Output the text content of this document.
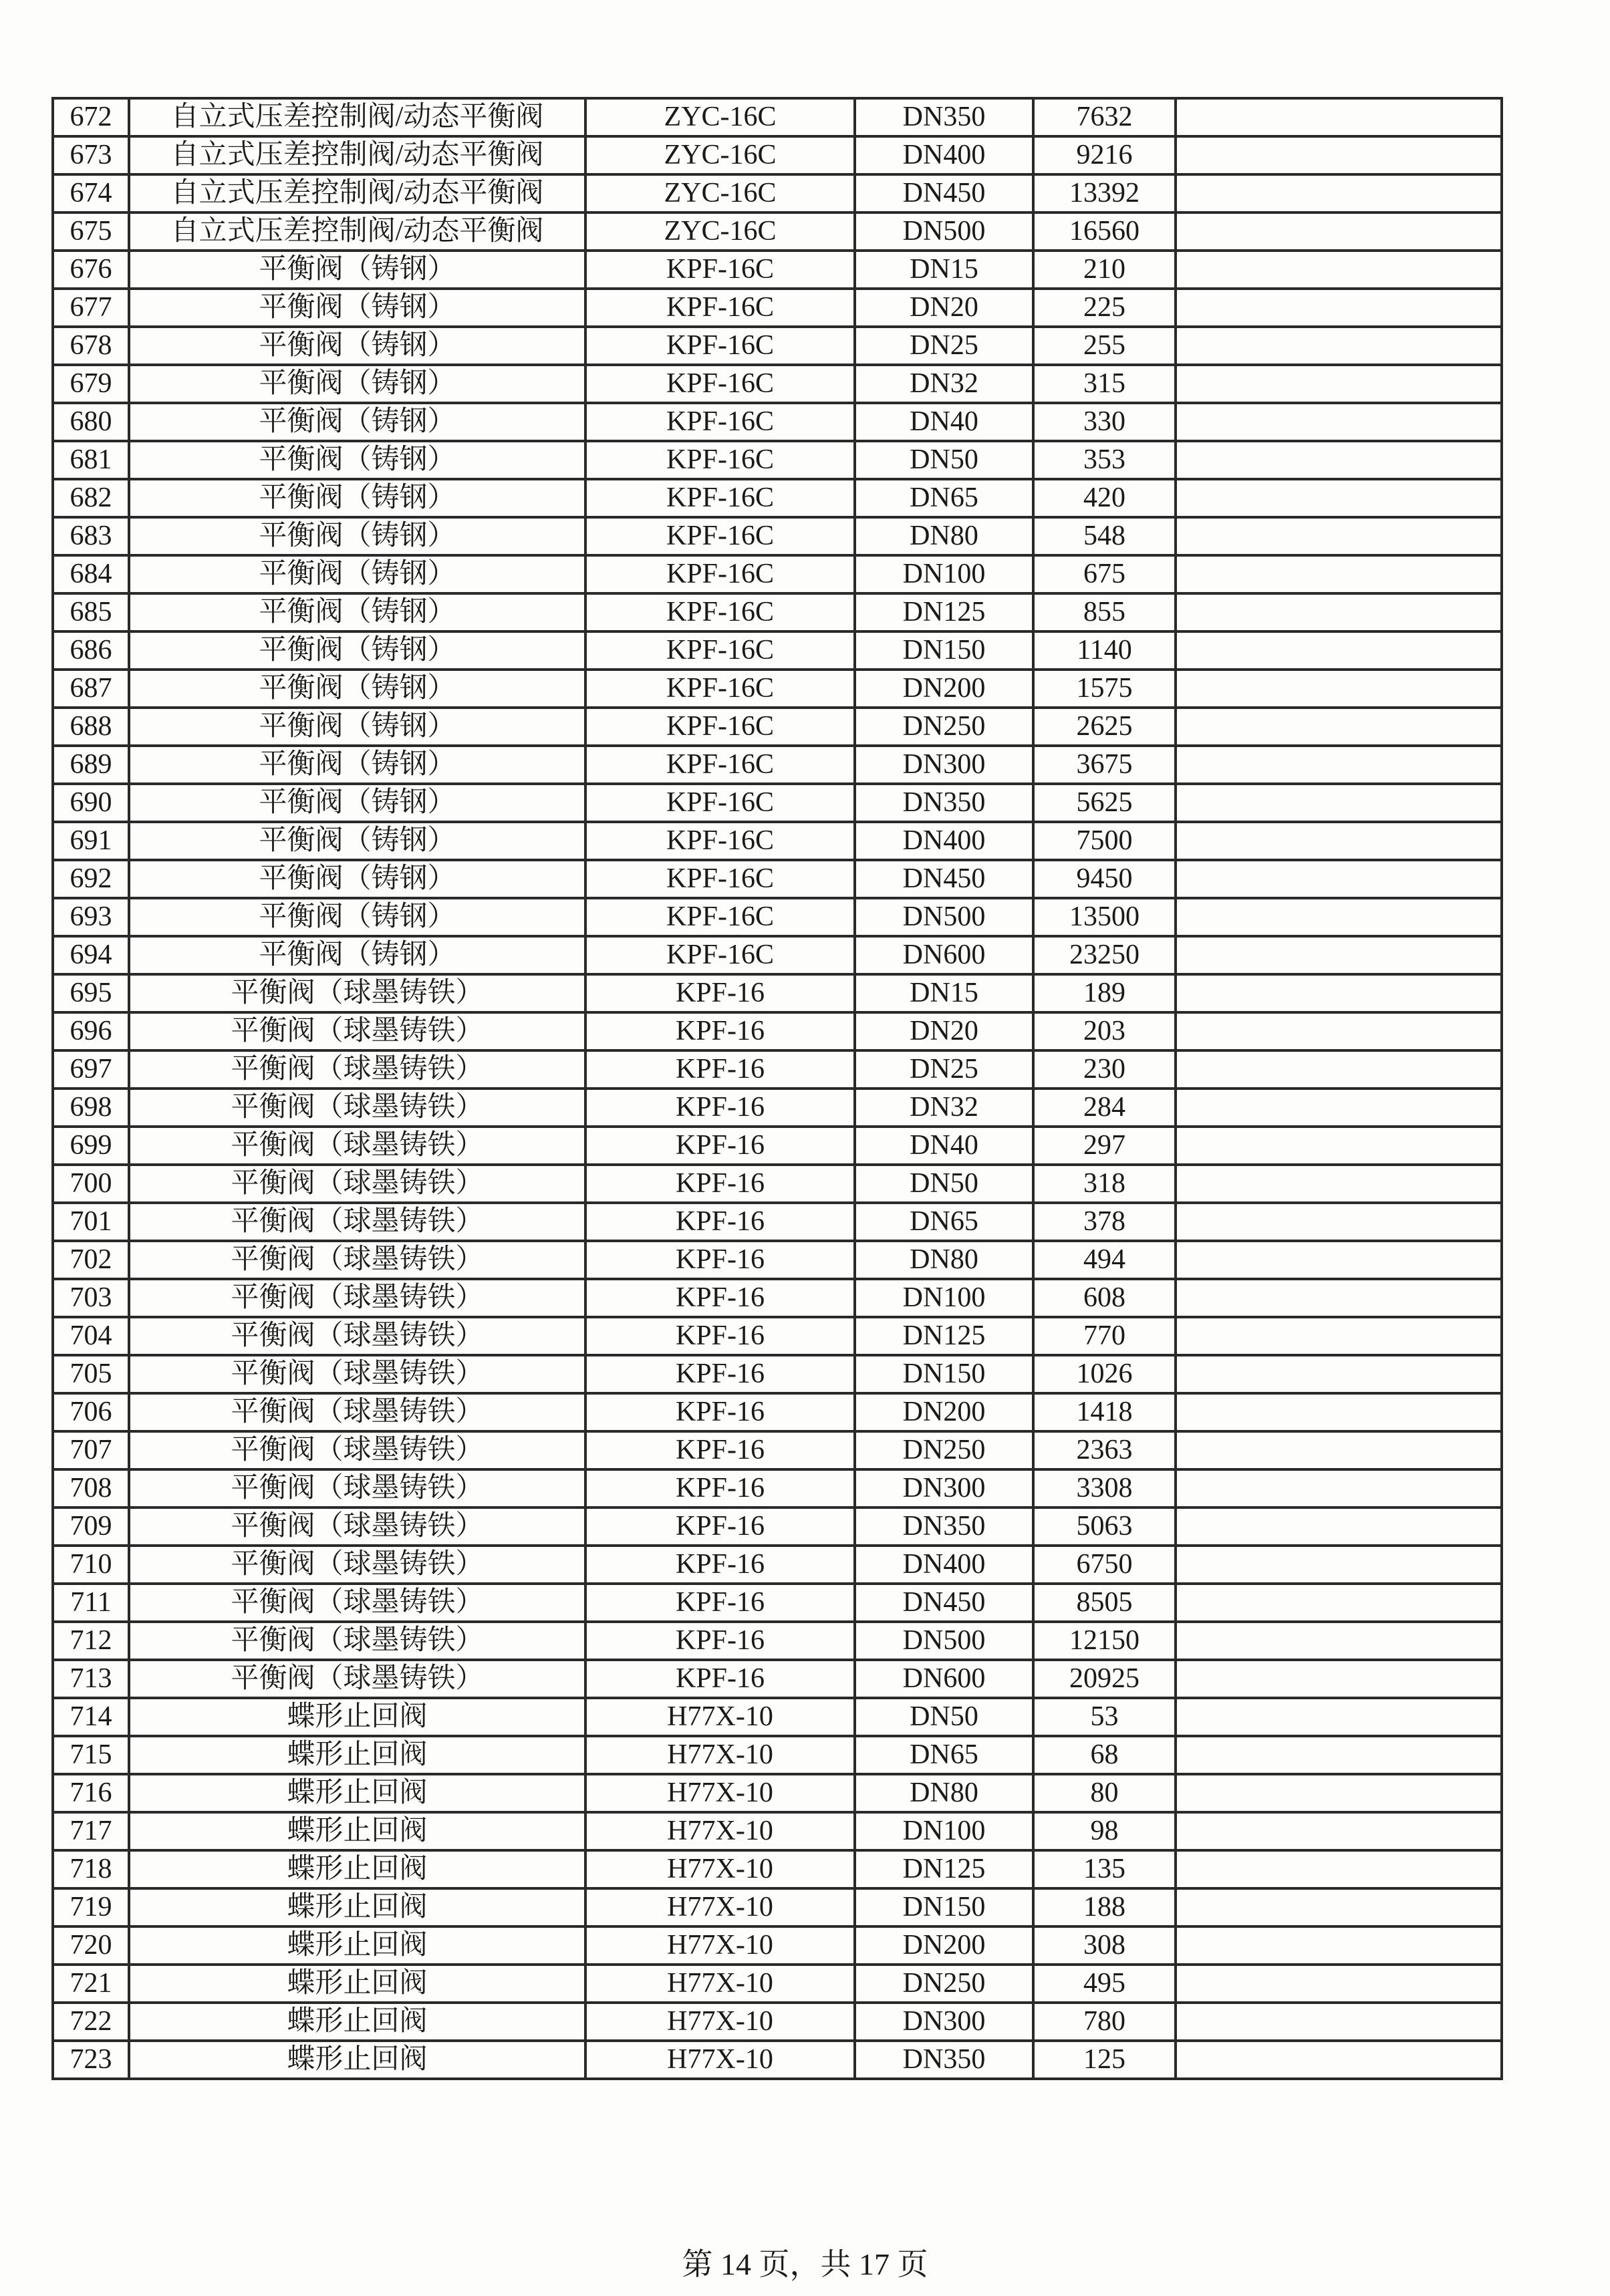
672	自立式压差控制阀/动态平衡阀	ZYC-16C	DN350	7632	
673	自立式压差控制阀/动态平衡阀	ZYC-16C	DN400	9216	
674	自立式压差控制阀/动态平衡阀	ZYC-16C	DN450	13392	
675	自立式压差控制阀/动态平衡阀	ZYC-16C	DN500	16560	
676	平衡阀（铸钢）	KPF-16C	DN15	210	
677	平衡阀（铸钢）	KPF-16C	DN20	225	
678	平衡阀（铸钢）	KPF-16C	DN25	255	
679	平衡阀（铸钢）	KPF-16C	DN32	315	
680	平衡阀（铸钢）	KPF-16C	DN40	330	
681	平衡阀（铸钢）	KPF-16C	DN50	353	
682	平衡阀（铸钢）	KPF-16C	DN65	420	
683	平衡阀（铸钢）	KPF-16C	DN80	548	
684	平衡阀（铸钢）	KPF-16C	DN100	675	
685	平衡阀（铸钢）	KPF-16C	DN125	855	
686	平衡阀（铸钢）	KPF-16C	DN150	1140	
687	平衡阀（铸钢）	KPF-16C	DN200	1575	
688	平衡阀（铸钢）	KPF-16C	DN250	2625	
689	平衡阀（铸钢）	KPF-16C	DN300	3675	
690	平衡阀（铸钢）	KPF-16C	DN350	5625	
691	平衡阀（铸钢）	KPF-16C	DN400	7500	
692	平衡阀（铸钢）	KPF-16C	DN450	9450	
693	平衡阀（铸钢）	KPF-16C	DN500	13500	
694	平衡阀（铸钢）	KPF-16C	DN600	23250	
695	平衡阀（球墨铸铁）	KPF-16	DN15	189	
696	平衡阀（球墨铸铁）	KPF-16	DN20	203	
697	平衡阀（球墨铸铁）	KPF-16	DN25	230	
698	平衡阀（球墨铸铁）	KPF-16	DN32	284	
699	平衡阀（球墨铸铁）	KPF-16	DN40	297	
700	平衡阀（球墨铸铁）	KPF-16	DN50	318	
701	平衡阀（球墨铸铁）	KPF-16	DN65	378	
702	平衡阀（球墨铸铁）	KPF-16	DN80	494	
703	平衡阀（球墨铸铁）	KPF-16	DN100	608	
704	平衡阀（球墨铸铁）	KPF-16	DN125	770	
705	平衡阀（球墨铸铁）	KPF-16	DN150	1026	
706	平衡阀（球墨铸铁）	KPF-16	DN200	1418	
707	平衡阀（球墨铸铁）	KPF-16	DN250	2363	
708	平衡阀（球墨铸铁）	KPF-16	DN300	3308	
709	平衡阀（球墨铸铁）	KPF-16	DN350	5063	
710	平衡阀（球墨铸铁）	KPF-16	DN400	6750	
711	平衡阀（球墨铸铁）	KPF-16	DN450	8505	
712	平衡阀（球墨铸铁）	KPF-16	DN500	12150	
713	平衡阀（球墨铸铁）	KPF-16	DN600	20925	
714	蝶形止回阀	H77X-10	DN50	53	
715	蝶形止回阀	H77X-10	DN65	68	
716	蝶形止回阀	H77X-10	DN80	80	
717	蝶形止回阀	H77X-10	DN100	98	
718	蝶形止回阀	H77X-10	DN125	135	
719	蝶形止回阀	H77X-10	DN150	188	
720	蝶形止回阀	H77X-10	DN200	308	
721	蝶形止回阀	H77X-10	DN250	495	
722	蝶形止回阀	H77X-10	DN300	780	
723	蝶形止回阀	H77X-10	DN350	125	
第 14 页，共 17 页
